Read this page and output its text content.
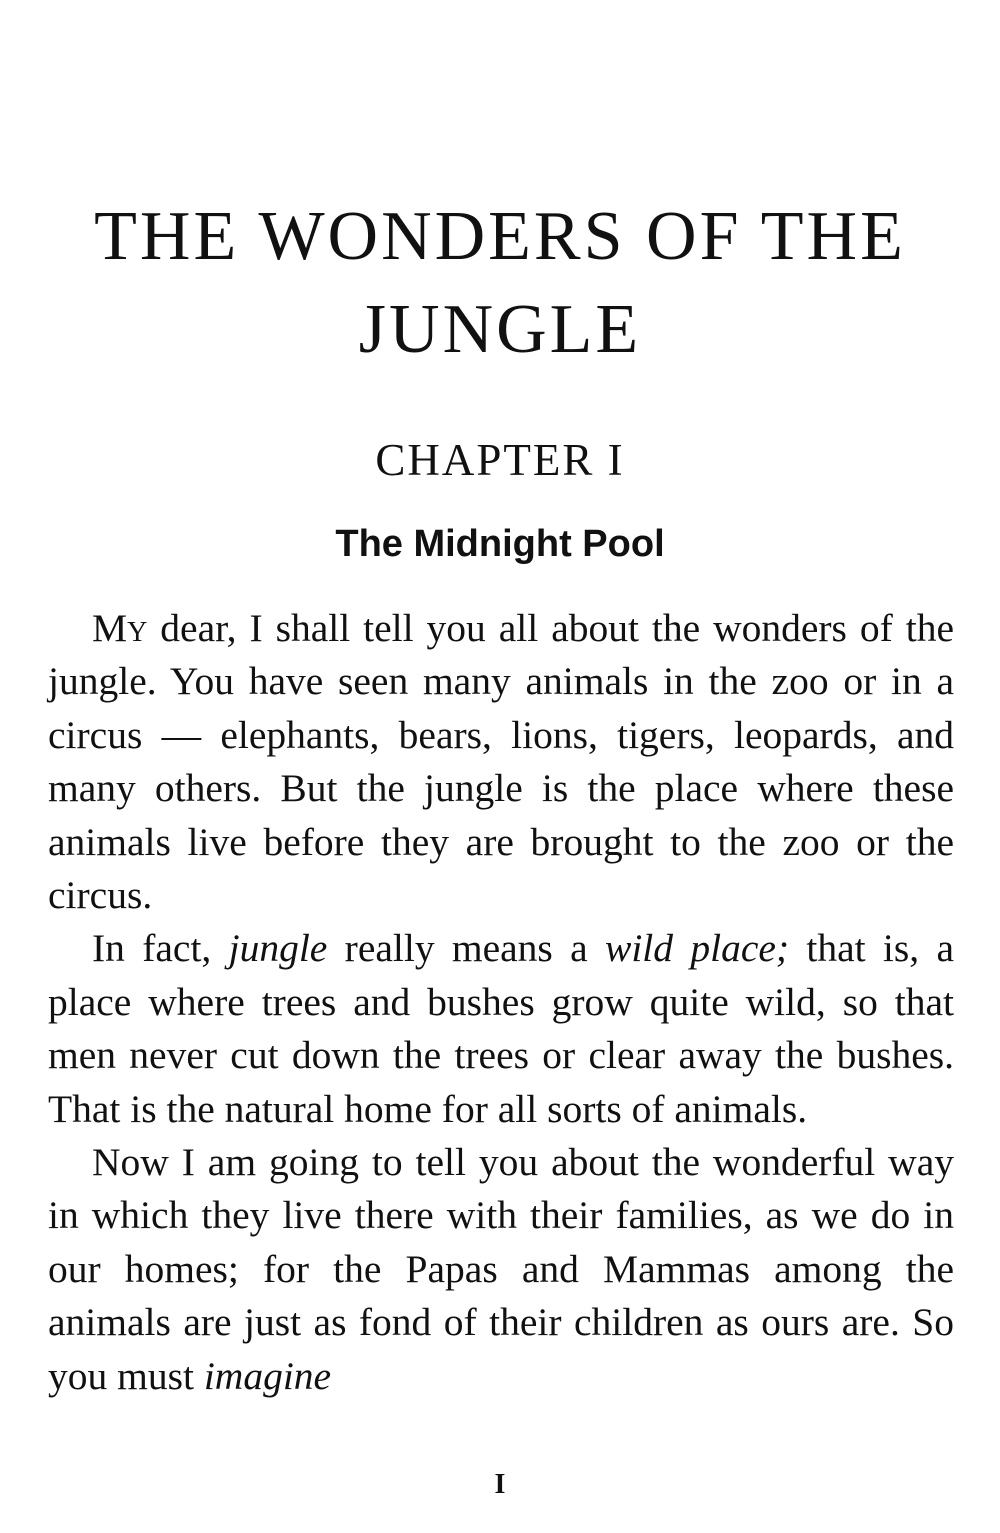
THE WONDERS OF THE
JUNGLE
CHAPTER I
The Midnight Pool

My dear, I shall tell you all about the wonders of the jungle. You have seen many animals in the zoo or in a circus — elephants, bears, lions, tigers, leopards, and many others. But the jungle is the place where these animals live before they are brought to the zoo or the circus.

In fact, jungle really means a wild place; that is, a place where trees and bushes grow quite wild, so that men never cut down the trees or clear away the bushes. That is the natural home for all sorts of animals.

Now I am going to tell you about the wonderful way in which they live there with their families, as we do in our homes; for the Papas and Mammas among the animals are just as fond of their children as ours are. So you must imagine

I
